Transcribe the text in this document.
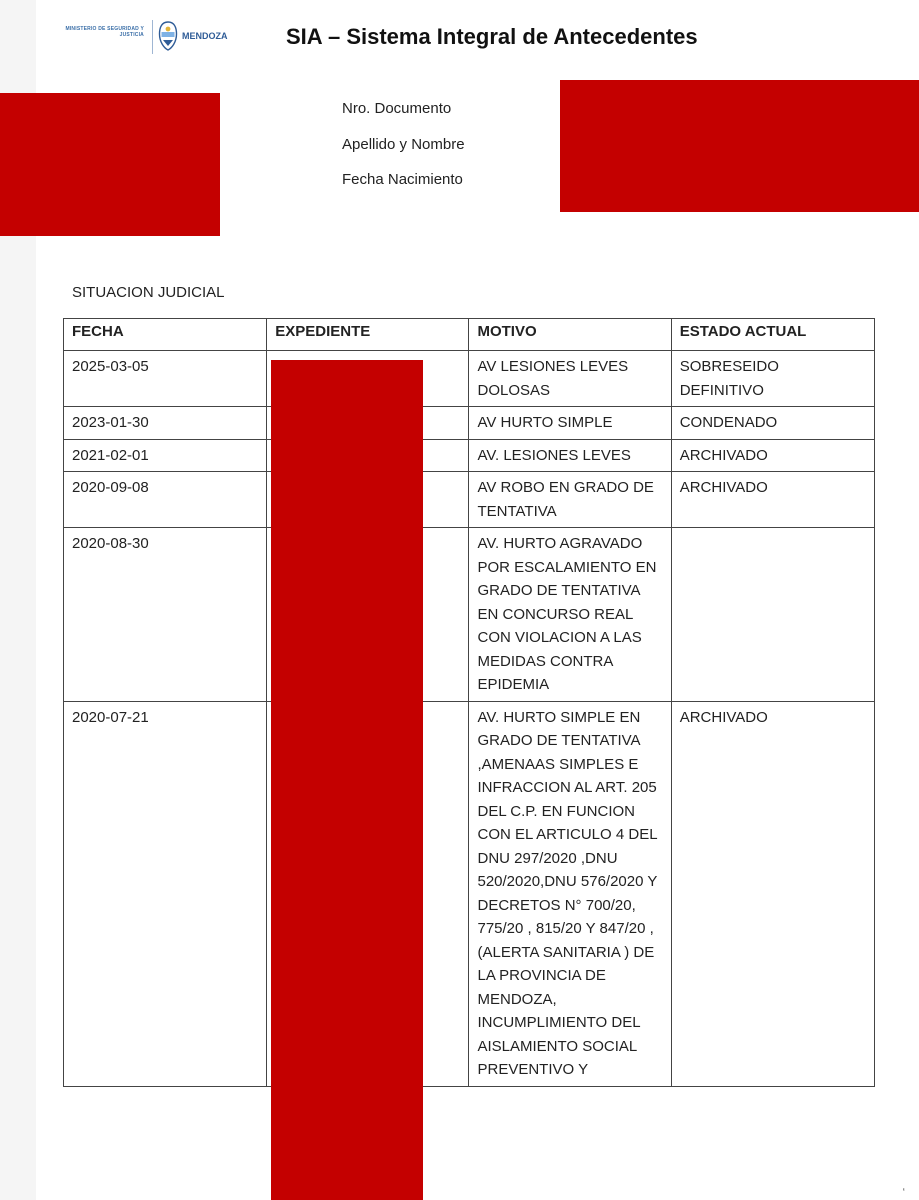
MINISTERIO DE SEGURIDAD Y JUSTICIA	MENDOZA	SIA – Sistema Integral de Antecedentes
Nro. Documento
Apellido y Nombre
Fecha Nacimiento
SITUACION JUDICIAL
FECHA	EXPEDIENTE	MOTIVO	ESTADO ACTUAL
2025-03-05		AV LESIONES LEVES DOLOSAS	SOBRESEIDO DEFINITIVO
2023-01-30		AV HURTO SIMPLE	CONDENADO
2021-02-01		AV. LESIONES LEVES	ARCHIVADO
2020-09-08		AV ROBO EN GRADO DE TENTATIVA	ARCHIVADO
2020-08-30		AV. HURTO AGRAVADO POR ESCALAMIENTO EN GRADO DE TENTATIVA EN CONCURSO REAL CON VIOLACION A LAS MEDIDAS CONTRA EPIDEMIA	
2020-07-21		AV. HURTO SIMPLE EN GRADO DE TENTATIVA ,AMENAAS SIMPLES E INFRACCION AL ART. 205 DEL C.P. EN FUNCION CON EL ARTICULO 4 DEL DNU 297/2020 ,DNU 520/2020,DNU 576/2020 Y DECRETOS N° 700/20, 775/20 , 815/20 Y 847/20 ,(ALERTA SANITARIA ) DE LA PROVINCIA DE MENDOZA, INCUMPLIMIENTO DEL AISLAMIENTO SOCIAL PREVENTIVO Y	ARCHIVADO
‘
